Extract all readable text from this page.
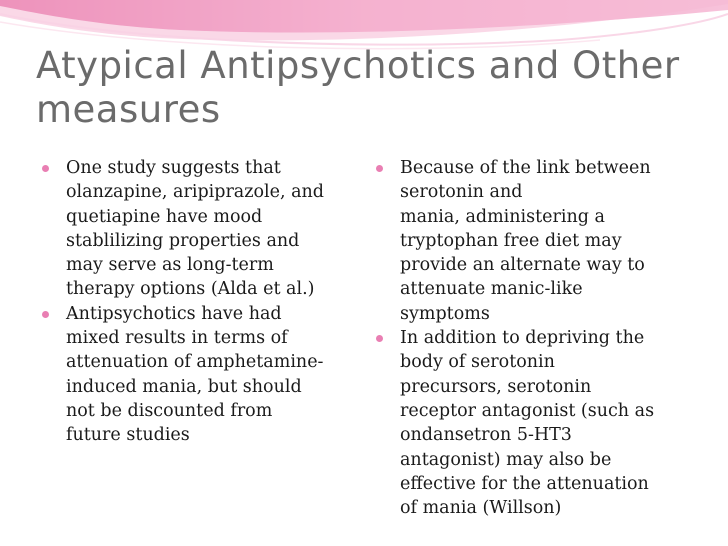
Atypical Antipsychotics and Other
measures
One study suggests that
olanzapine, aripiprazole, and
quetiapine have mood
stablilizing properties and
may serve as long-term
therapy options (Alda et al.)
Antipsychotics have had
mixed results in terms of
attenuation of amphetamine-
induced mania, but should
not be discounted from
future studies
Because of the link between
serotonin and
mania, administering a
tryptophan free diet may
provide an alternate way to
attenuate manic-like
symptoms
In addition to depriving the
body of serotonin
precursors, serotonin
receptor antagonist (such as
ondansetron 5-HT3
antagonist) may also be
effective for the attenuation
of mania (Willson)
